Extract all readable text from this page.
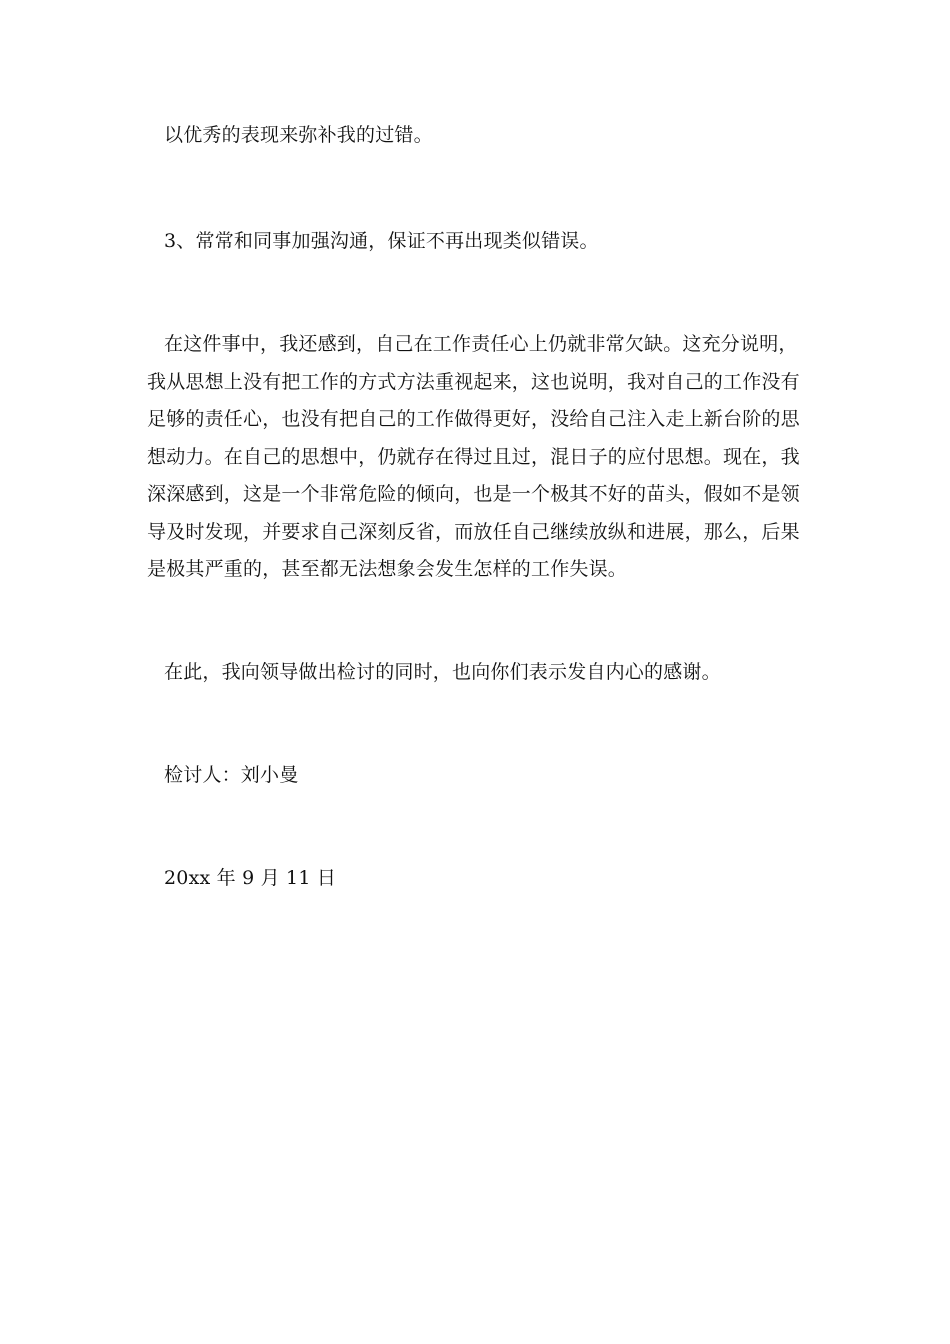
以优秀的表现来弥补我的过错。
3、常常和同事加强沟通，保证不再出现类似错误。
在这件事中，我还感到，自己在工作责任心上仍就非常欠缺。这充分说明，
我从思想上没有把工作的方式方法重视起来，这也说明，我对自己的工作没有
足够的责任心，也没有把自己的工作做得更好，没给自己注入走上新台阶的思
想动力。在自己的思想中，仍就存在得过且过，混日子的应付思想。现在，我
深深感到，这是一个非常危险的倾向，也是一个极其不好的苗头，假如不是领
导及时发现，并要求自己深刻反省，而放任自己继续放纵和进展，那么，后果
是极其严重的，甚至都无法想象会发生怎样的工作失误。
在此，我向领导做出检讨的同时，也向你们表示发自内心的感谢。
检讨人：刘小曼
20xx 年 9 月 11 日
